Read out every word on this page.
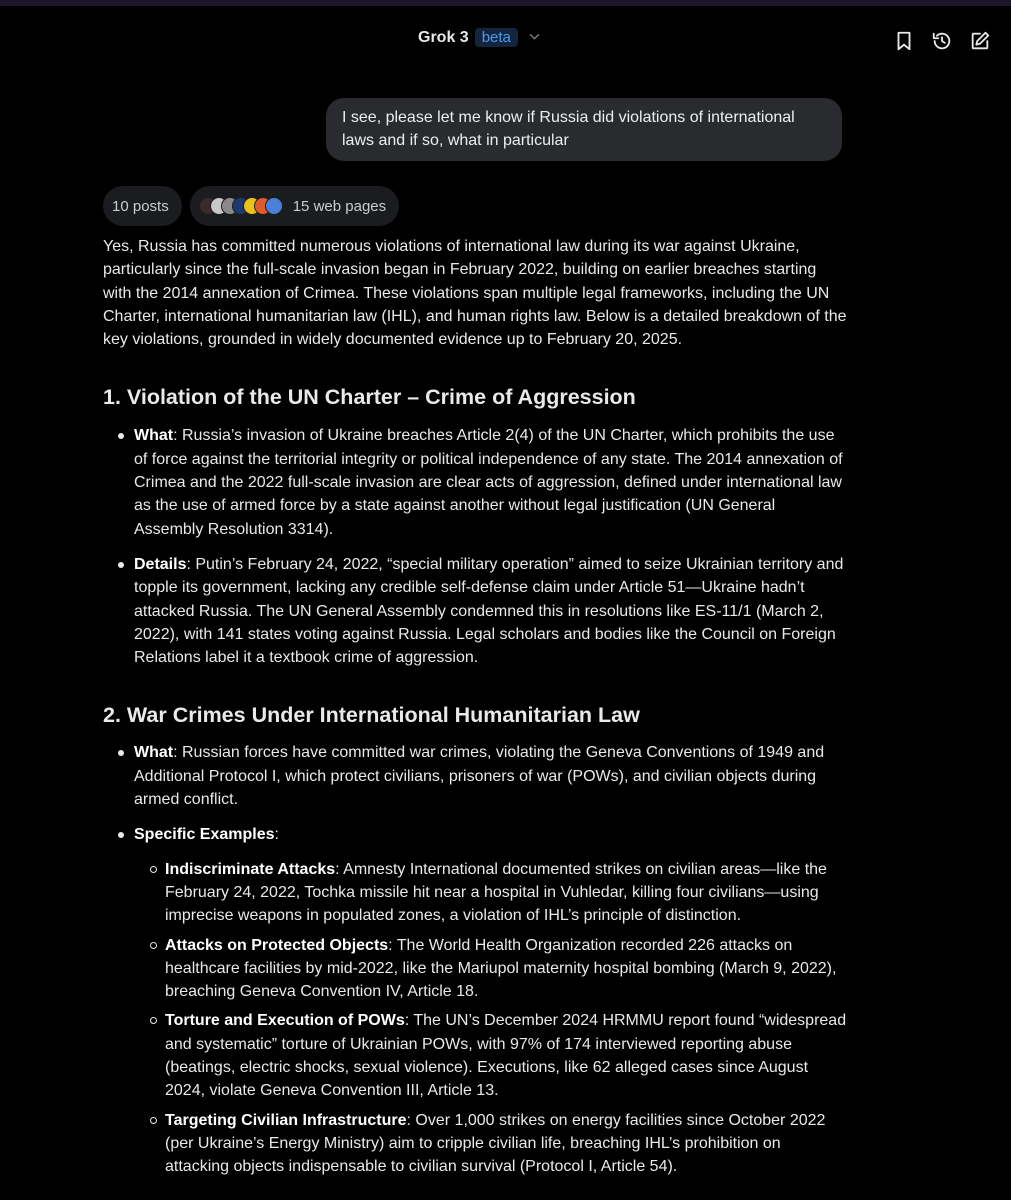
Grok 3 beta
I see, please let me know if Russia did violations of international laws and if so, what in particular
10 posts	15 web pages

Yes, Russia has committed numerous violations of international law during its war against Ukraine, particularly since the full-scale invasion began in February 2022, building on earlier breaches starting with the 2014 annexation of Crimea. These violations span multiple legal frameworks, including the UN Charter, international humanitarian law (IHL), and human rights law. Below is a detailed breakdown of the key violations, grounded in widely documented evidence up to February 20, 2025.

1. Violation of the UN Charter – Crime of Aggression
What: Russia’s invasion of Ukraine breaches Article 2(4) of the UN Charter, which prohibits the use of force against the territorial integrity or political independence of any state. The 2014 annexation of Crimea and the 2022 full-scale invasion are clear acts of aggression, defined under international law as the use of armed force by a state against another without legal justification (UN General Assembly Resolution 3314).
Details: Putin’s February 24, 2022, “special military operation” aimed to seize Ukrainian territory and topple its government, lacking any credible self-defense claim under Article 51—Ukraine hadn’t attacked Russia. The UN General Assembly condemned this in resolutions like ES-11/1 (March 2, 2022), with 141 states voting against Russia. Legal scholars and bodies like the Council on Foreign Relations label it a textbook crime of aggression.
2. War Crimes Under International Humanitarian Law
What: Russian forces have committed war crimes, violating the Geneva Conventions of 1949 and Additional Protocol I, which protect civilians, prisoners of war (POWs), and civilian objects during armed conflict.
Specific Examples:
Indiscriminate Attacks: Amnesty International documented strikes on civilian areas—like the February 24, 2022, Tochka missile hit near a hospital in Vuhledar, killing four civilians—using imprecise weapons in populated zones, a violation of IHL’s principle of distinction.
Attacks on Protected Objects: The World Health Organization recorded 226 attacks on healthcare facilities by mid-2022, like the Mariupol maternity hospital bombing (March 9, 2022), breaching Geneva Convention IV, Article 18.
Torture and Execution of POWs: The UN’s December 2024 HRMMU report found “widespread and systematic” torture of Ukrainian POWs, with 97% of 174 interviewed reporting abuse (beatings, electric shocks, sexual violence). Executions, like 62 alleged cases since August 2024, violate Geneva Convention III, Article 13.
Targeting Civilian Infrastructure: Over 1,000 strikes on energy facilities since October 2022 (per Ukraine’s Energy Ministry) aim to cripple civilian life, breaching IHL’s prohibition on attacking objects indispensable to civilian survival (Protocol I, Article 54).
